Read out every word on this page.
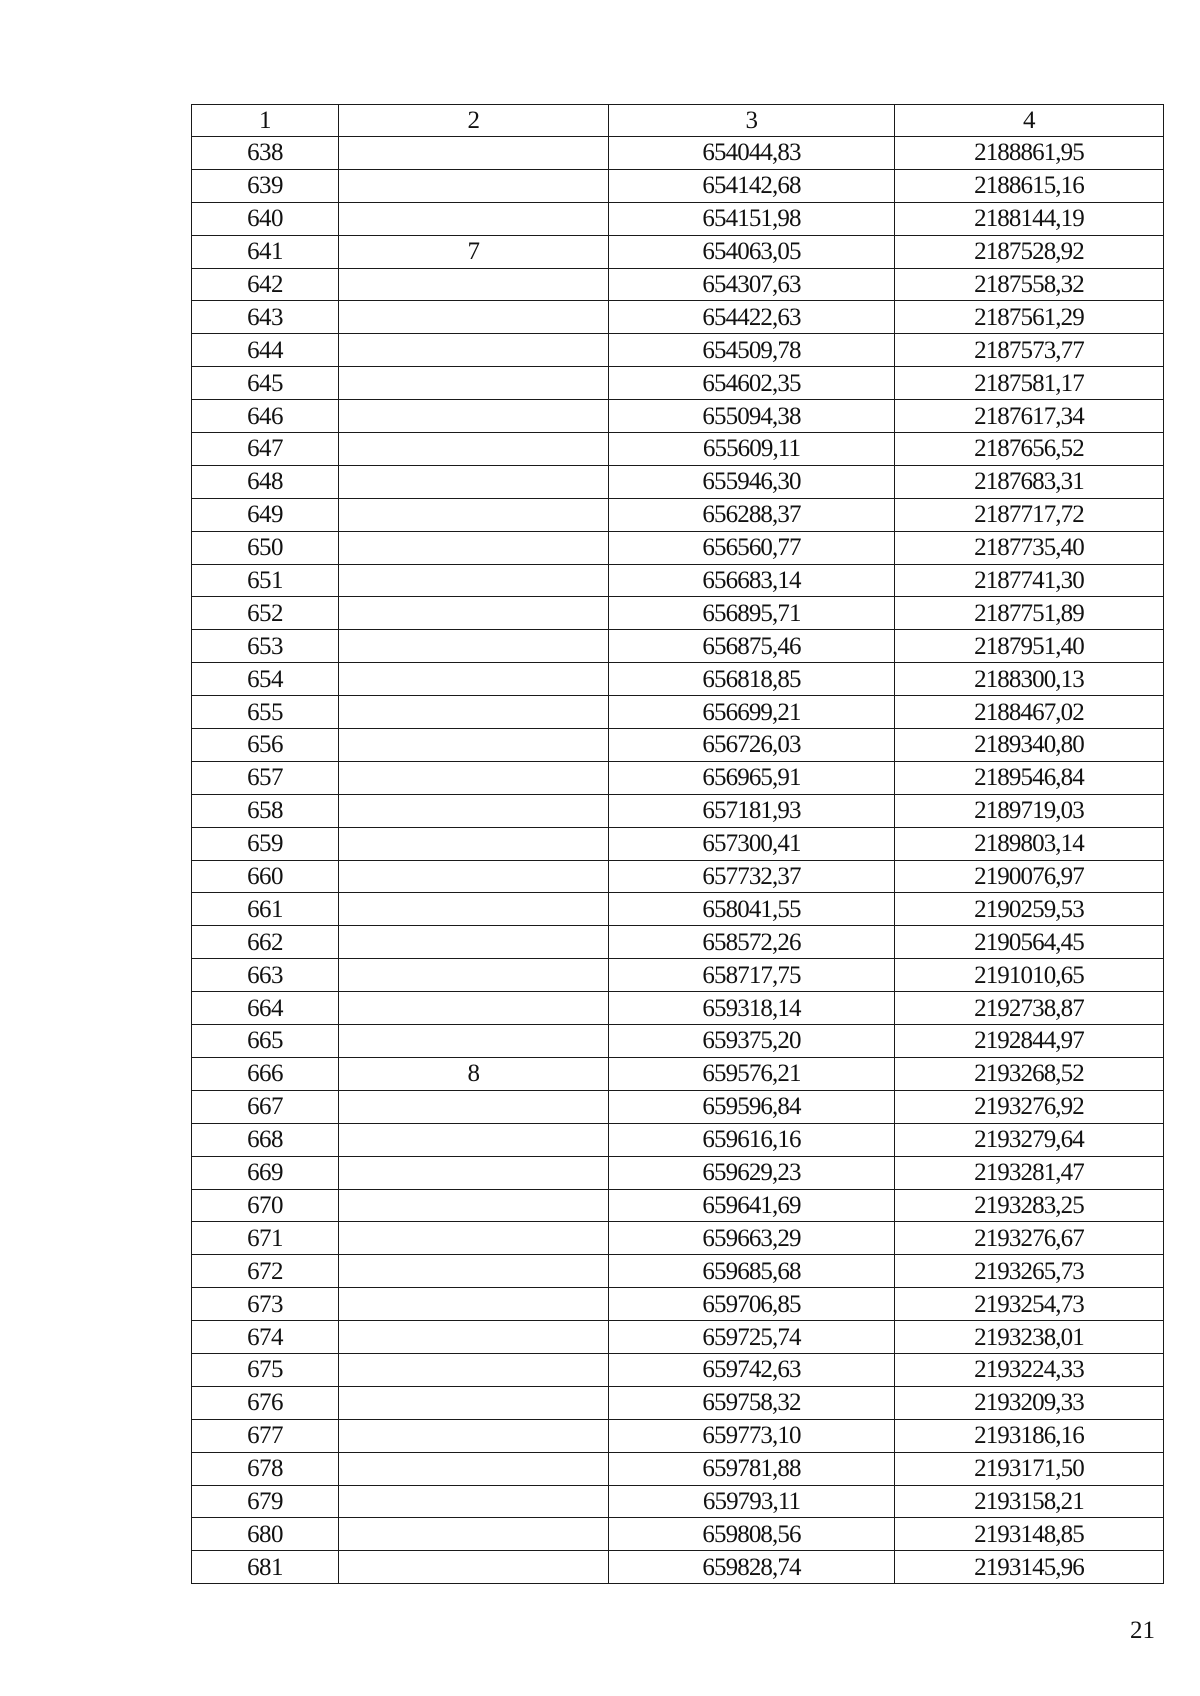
1	2	3	4
638		654044,83	2188861,95
639		654142,68	2188615,16
640		654151,98	2188144,19
641	7	654063,05	2187528,92
642		654307,63	2187558,32
643		654422,63	2187561,29
644		654509,78	2187573,77
645		654602,35	2187581,17
646		655094,38	2187617,34
647		655609,11	2187656,52
648		655946,30	2187683,31
649		656288,37	2187717,72
650		656560,77	2187735,40
651		656683,14	2187741,30
652		656895,71	2187751,89
653		656875,46	2187951,40
654		656818,85	2188300,13
655		656699,21	2188467,02
656		656726,03	2189340,80
657		656965,91	2189546,84
658		657181,93	2189719,03
659		657300,41	2189803,14
660		657732,37	2190076,97
661		658041,55	2190259,53
662		658572,26	2190564,45
663		658717,75	2191010,65
664		659318,14	2192738,87
665		659375,20	2192844,97
666	8	659576,21	2193268,52
667		659596,84	2193276,92
668		659616,16	2193279,64
669		659629,23	2193281,47
670		659641,69	2193283,25
671		659663,29	2193276,67
672		659685,68	2193265,73
673		659706,85	2193254,73
674		659725,74	2193238,01
675		659742,63	2193224,33
676		659758,32	2193209,33
677		659773,10	2193186,16
678		659781,88	2193171,50
679		659793,11	2193158,21
680		659808,56	2193148,85
681		659828,74	2193145,96
21
